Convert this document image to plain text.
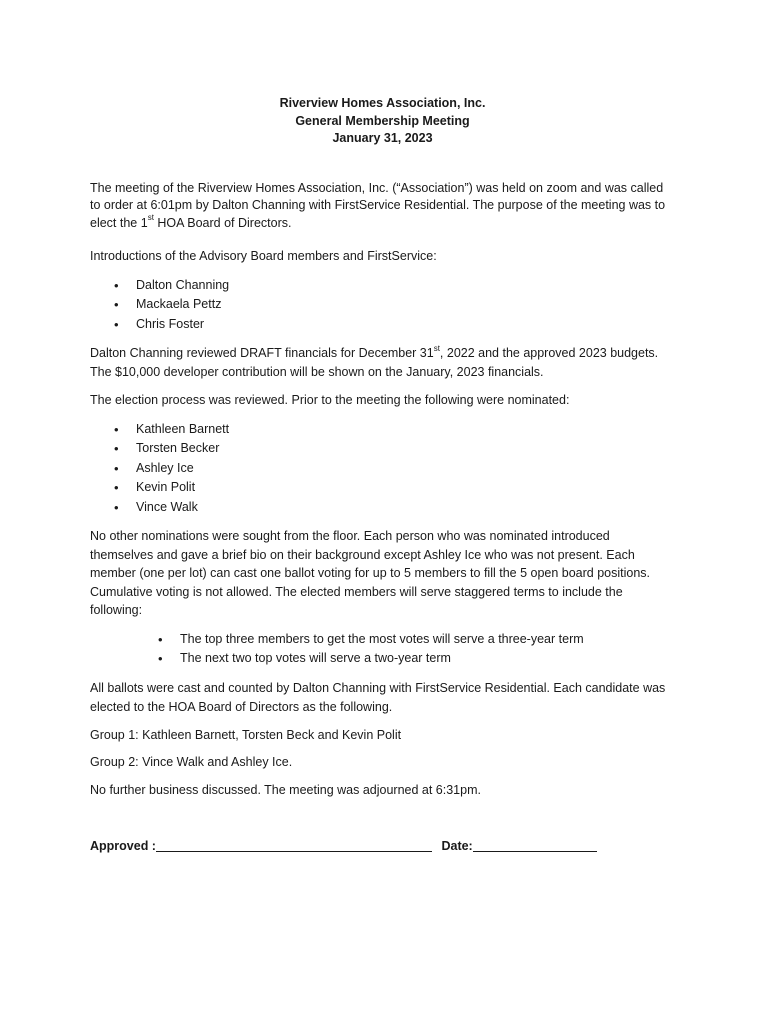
Riverview Homes Association, Inc.
General Membership Meeting
January 31, 2023

The meeting of the Riverview Homes Association, Inc. (“Association”) was held on zoom and was called to order at 6:01pm by Dalton Channing with FirstService Residential. The purpose of the meeting was to elect the 1st HOA Board of Directors.

Introductions of the Advisory Board members and FirstService:

• Dalton Channing
• Mackaela Pettz
• Chris Foster

Dalton Channing reviewed DRAFT financials for December 31st, 2022 and the approved 2023 budgets. The $10,000 developer contribution will be shown on the January, 2023 financials.

The election process was reviewed. Prior to the meeting the following were nominated:

• Kathleen Barnett
• Torsten Becker
• Ashley Ice
• Kevin Polit
• Vince Walk

No other nominations were sought from the floor. Each person who was nominated introduced themselves and gave a brief bio on their background except Ashley Ice who was not present. Each member (one per lot) can cast one ballot voting for up to 5 members to fill the 5 open board positions. Cumulative voting is not allowed. The elected members will serve staggered terms to include the following:

• The top three members to get the most votes will serve a three-year term
• The next two top votes will serve a two-year term

All ballots were cast and counted by Dalton Channing with FirstService Residential. Each candidate was elected to the HOA Board of Directors as the following.

Group 1: Kathleen Barnett, Torsten Beck and Kevin Polit

Group 2: Vince Walk and Ashley Ice.

No further business discussed. The meeting was adjourned at 6:31pm.

Approved :	Date:
